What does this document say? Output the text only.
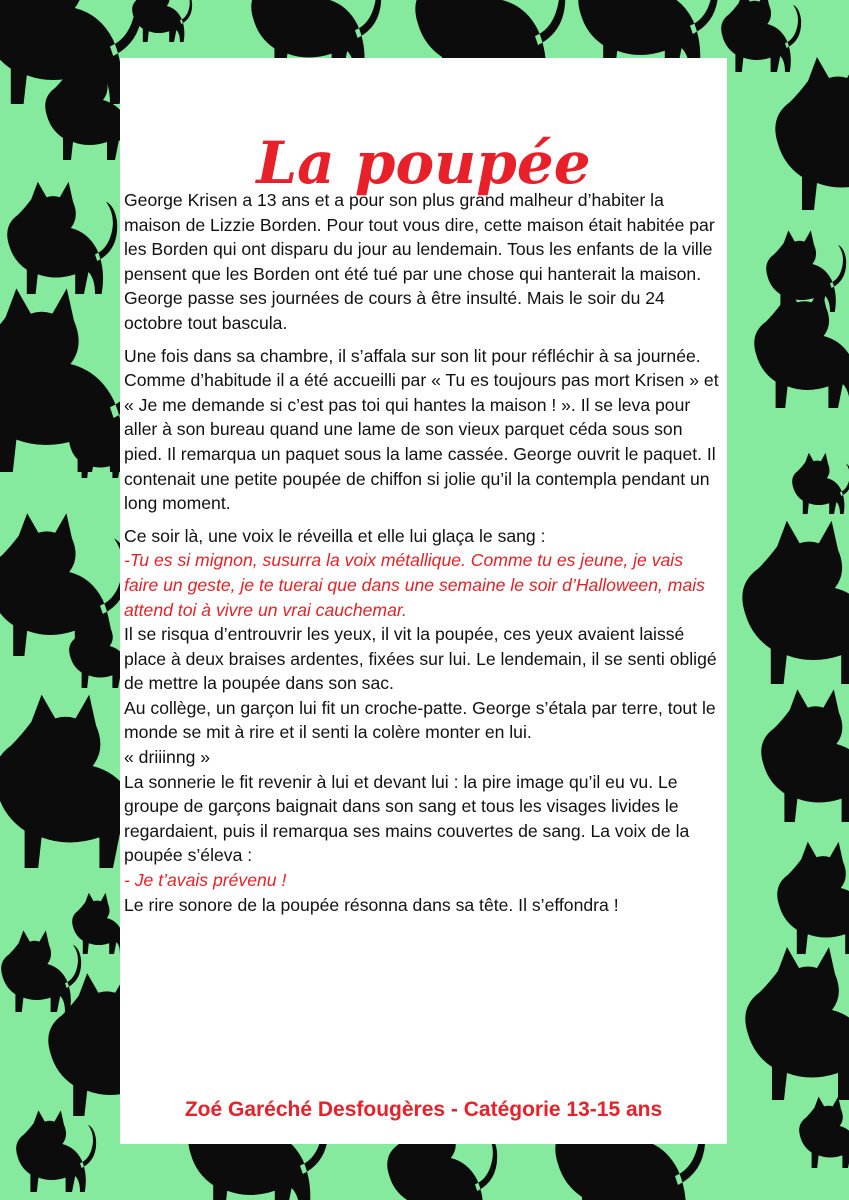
La poupée

George Krisen a 13 ans et a pour son plus grand malheur d’habiter la maison de Lizzie Borden. Pour tout vous dire, cette maison était habitée par les Borden qui ont disparu du jour au lendemain. Tous les enfants de la ville pensent que les Borden ont été tué par une chose qui hanterait la maison. George passe ses journées de cours à être insulté. Mais le soir du 24 octobre tout bascula.

Une fois dans sa chambre, il s’affala sur son lit pour réfléchir à sa journée. Comme d’habitude il a été accueilli par « Tu es toujours pas mort Krisen » et « Je me demande si c’est pas toi qui hantes la maison ! ». Il se leva pour aller à son bureau quand une lame de son vieux parquet céda sous son pied. Il remarqua un paquet sous la lame cassée. George ouvrit le paquet. Il contenait une petite poupée de chiffon si jolie qu’il la contempla pendant un long moment.

Ce soir là, une voix le réveilla et elle lui glaça le sang :

-Tu es si mignon, susurra la voix métallique. Comme tu es jeune, je vais faire un geste, je te tuerai que dans une semaine le soir d’Halloween, mais attend toi à vivre un vrai cauchemar.

Il se risqua d’entrouvrir les yeux, il vit la poupée, ces yeux avaient laissé place à deux braises ardentes, fixées sur lui. Le lendemain, il se senti obligé de mettre la poupée dans son sac.

Au collège, un garçon lui fit un croche-patte. George s’étala par terre, tout le monde se mit à rire et il senti la colère monter en lui.

« driiinng »

La sonnerie le fit revenir à lui et devant lui : la pire image qu’il eu vu. Le groupe de garçons baignait dans son sang et tous les visages livides le regardaient, puis il remarqua ses mains couvertes de sang. La voix de la poupée s’éleva :

- Je t’avais prévenu !

Le rire sonore de la poupée résonna dans sa tête. Il s’effondra !

Zoé Garéché Desfougères - Catégorie 13-15 ans
